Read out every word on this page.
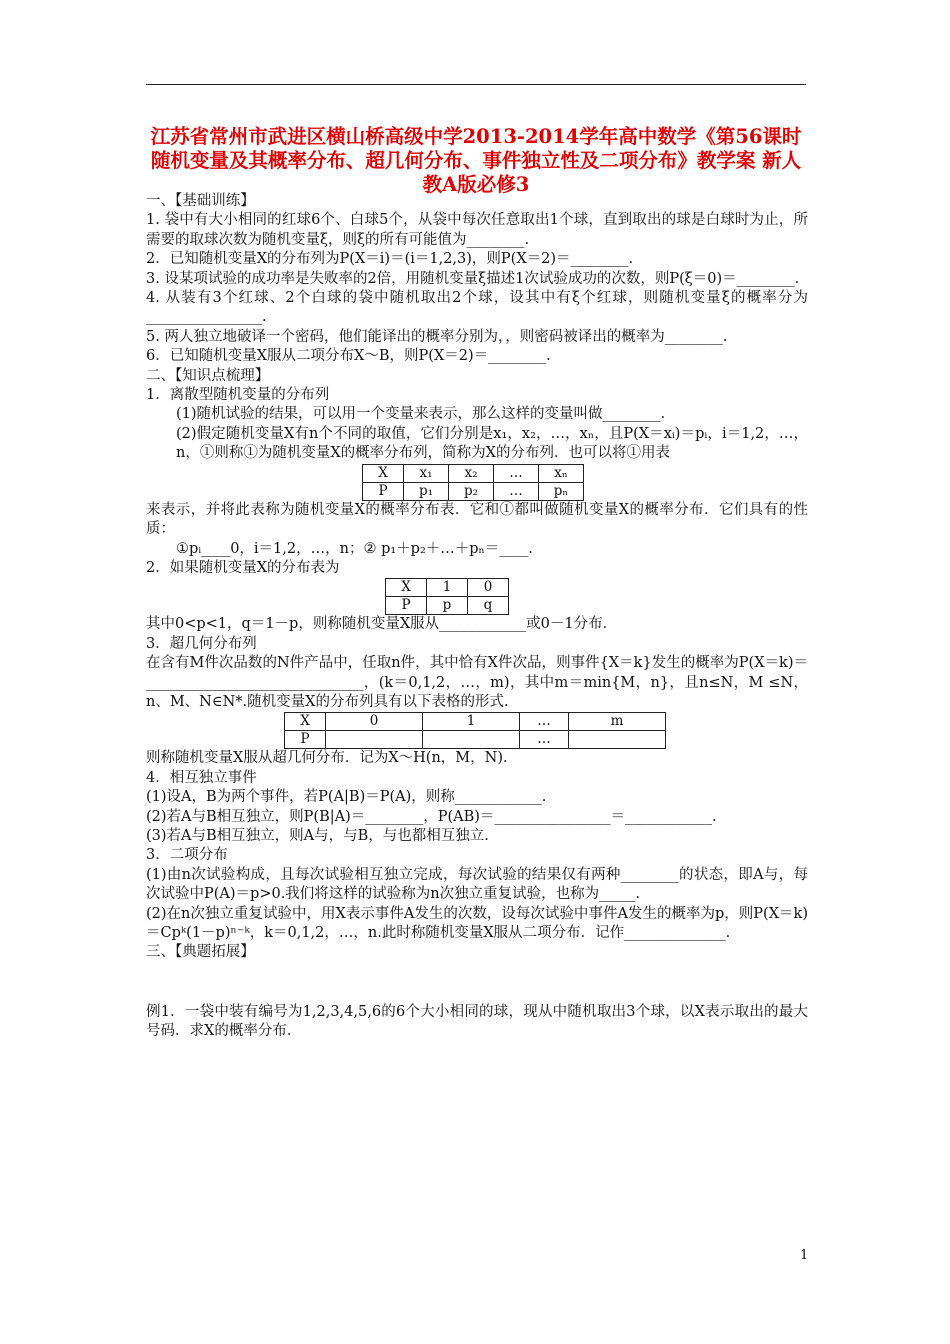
江苏省常州市武进区横山桥高级中学2013-2014学年高中数学《第56课时 随机变量及其概率分布、超几何分布、事件独立性及二项分布》教学案 新人教A版必修3

一、【基础训练】

1. 袋中有大小相同的红球6个、白球5个，从袋中每次任意取出1个球，直到取出的球是白球时为止，所需要的取球次数为随机变量ξ，则ξ的所有可能值为________.

2．已知随机变量X的分布列为P(X＝i)＝(i＝1,2,3)，则P(X＝2)＝________.

3. 设某项试验的成功率是失败率的2倍，用随机变量ξ描述1次试验成功的次数，则P(ξ＝0)＝________.

4. 从装有3个红球、2个白球的袋中随机取出2个球，设其中有ξ个红球，则随机变量ξ的概率分为________________.

5. 两人独立地破译一个密码，他们能译出的概率分别为，，则密码被译出的概率为________.

6．已知随机变量X服从二项分布X～B，则P(X＝2)＝________.

二、【知识点梳理】

1．离散型随机变量的分布列

(1)随机试验的结果，可以用一个变量来表示，那么这样的变量叫做________.

(2)假定随机变量X有n个不同的取值，它们分别是x₁，x₂，…，xₙ，且P(X＝xᵢ)＝pᵢ，i＝1,2，…，n，①则称①为随机变量X的概率分布列，简称为X的分布列．也可以将①用表

X	x₁	x₂	…	xₙ
P	p₁	p₂	…	pₙ

来表示，并将此表称为随机变量X的概率分布表．它和①都叫做随机变量X的概率分布．它们具有的性质：

①pᵢ____0，i＝1,2，…，n；② p₁＋p₂＋…＋pₙ＝____.

2．如果随机变量X的分布表为

X	1	0
P	p	q

其中0<p<1，q＝1－p，则称随机变量X服从____________或0－1分布．

3．超几何分布列

在含有M件次品数的N件产品中，任取n件，其中恰有X件次品，则事件{X＝k}发生的概率为P(X＝k)＝______________________________，(k＝0,1,2，…，m)，其中m＝min{M，n}，且n≤N，M ≤N，n、M、N∈N*.随机变量X的分布列具有以下表格的形式.

X	0	1	…	m
P			…	

则称随机变量X服从超几何分布．记为X～H(n，M，N).

4．相互独立事件

(1)设A，B为两个事件，若P(A|B)＝P(A)，则称____________.

(2)若A与B相互独立，则P(B|A)＝________，P(AB)＝________________＝____________.

(3)若A与B相互独立，则A与，与B，与也都相互独立.

3．二项分布

(1)由n次试验构成，且每次试验相互独立完成，每次试验的结果仅有两种________的状态，即A与，每次试验中P(A)＝p>0.我们将这样的试验称为n次独立重复试验，也称为_____.

(2)在n次独立重复试验中，用X表示事件A发生的次数，设每次试验中事件A发生的概率为p，则P(X＝k)＝Cpᵏ(1－p)ⁿ⁻ᵏ，k＝0,1,2，…，n.此时称随机变量X服从二项分布．记作______________.

三、【典题拓展】

例1．一袋中装有编号为1,2,3,4,5,6的6个大小相同的球，现从中随机取出3个球，以X表示取出的最大号码．求X的概率分布．

1
